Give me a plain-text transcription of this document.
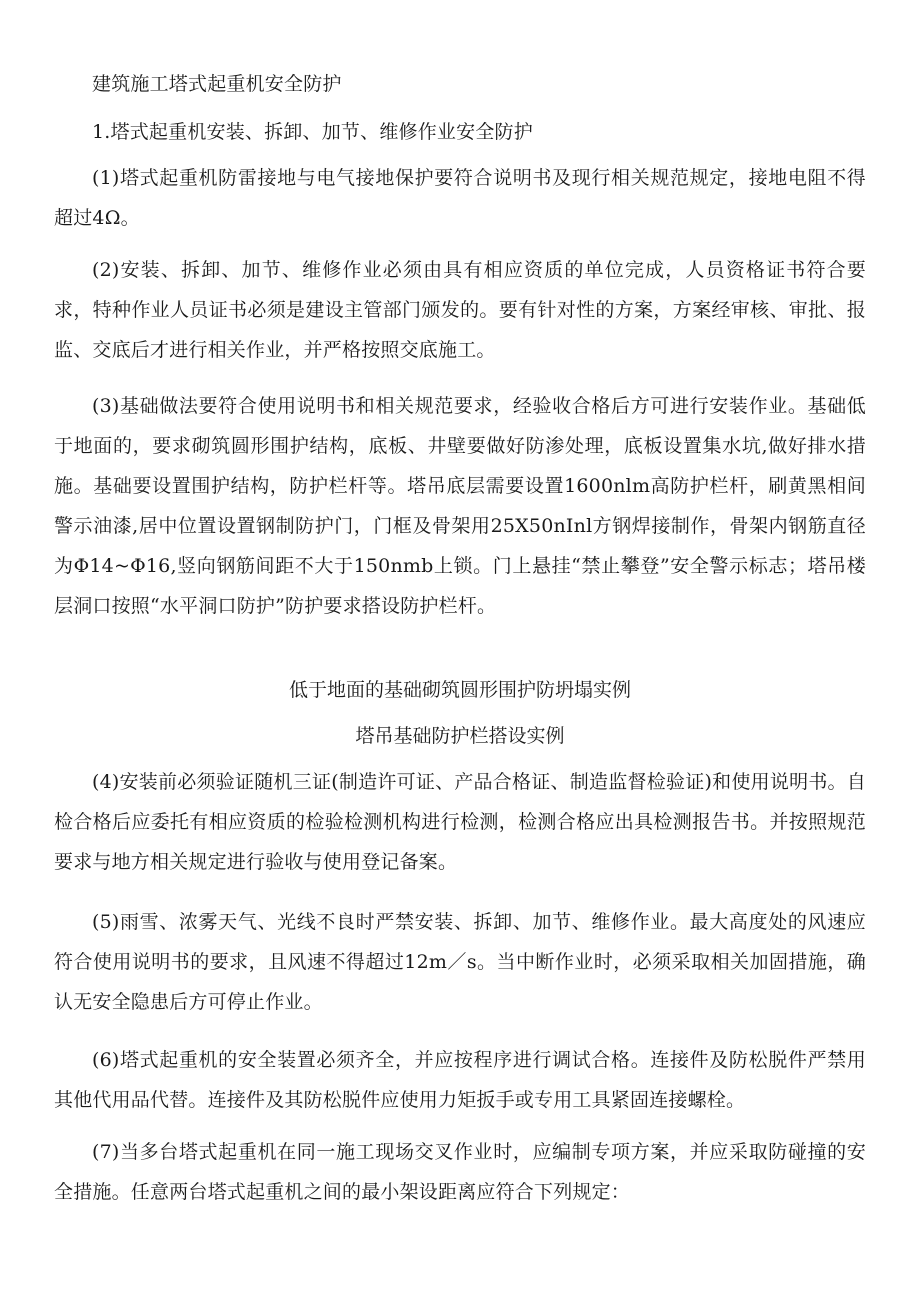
建筑施工塔式起重机安全防护

1.塔式起重机安装、拆卸、加节、维修作业安全防护

(1)塔式起重机防雷接地与电气接地保护要符合说明书及现行相关规范规定，接地电阻不得超过4Ω。

(2)安装、拆卸、加节、维修作业必须由具有相应资质的单位完成，人员资格证书符合要求，特种作业人员证书必须是建设主管部门颁发的。要有针对性的方案，方案经审核、审批、报监、交底后才进行相关作业，并严格按照交底施工。

(3)基础做法要符合使用说明书和相关规范要求，经验收合格后方可进行安装作业。基础低于地面的，要求砌筑圆形围护结构，底板、井壁要做好防渗处理，底板设置集水坑,做好排水措施。基础要设置围护结构，防护栏杆等。塔吊底层需要设置1600nlm高防护栏杆，刷黄黑相间警示油漆,居中位置设置钢制防护门，门框及骨架用25X50nInl方钢焊接制作，骨架内钢筋直径为Φ14~Φ16,竖向钢筋间距不大于150nmb上锁。门上悬挂“禁止攀登”安全警示标志；塔吊楼层洞口按照“水平洞口防护”防护要求搭设防护栏杆。

低于地面的基础砌筑圆形围护防坍塌实例

塔吊基础防护栏搭设实例

(4)安装前必须验证随机三证(制造许可证、产品合格证、制造监督检验证)和使用说明书。自检合格后应委托有相应资质的检验检测机构进行检测，检测合格应出具检测报告书。并按照规范要求与地方相关规定进行验收与使用登记备案。

(5)雨雪、浓雾天气、光线不良时严禁安装、拆卸、加节、维修作业。最大高度处的风速应符合使用说明书的要求，且风速不得超过12m／s。当中断作业时，必须采取相关加固措施，确认无安全隐患后方可停止作业。

(6)塔式起重机的安全装置必须齐全，并应按程序进行调试合格。连接件及防松脱件严禁用其他代用品代替。连接件及其防松脱件应使用力矩扳手或专用工具紧固连接螺栓。

(7)当多台塔式起重机在同一施工现场交叉作业时，应编制专项方案，并应采取防碰撞的安全措施。任意两台塔式起重机之间的最小架设距离应符合下列规定：
